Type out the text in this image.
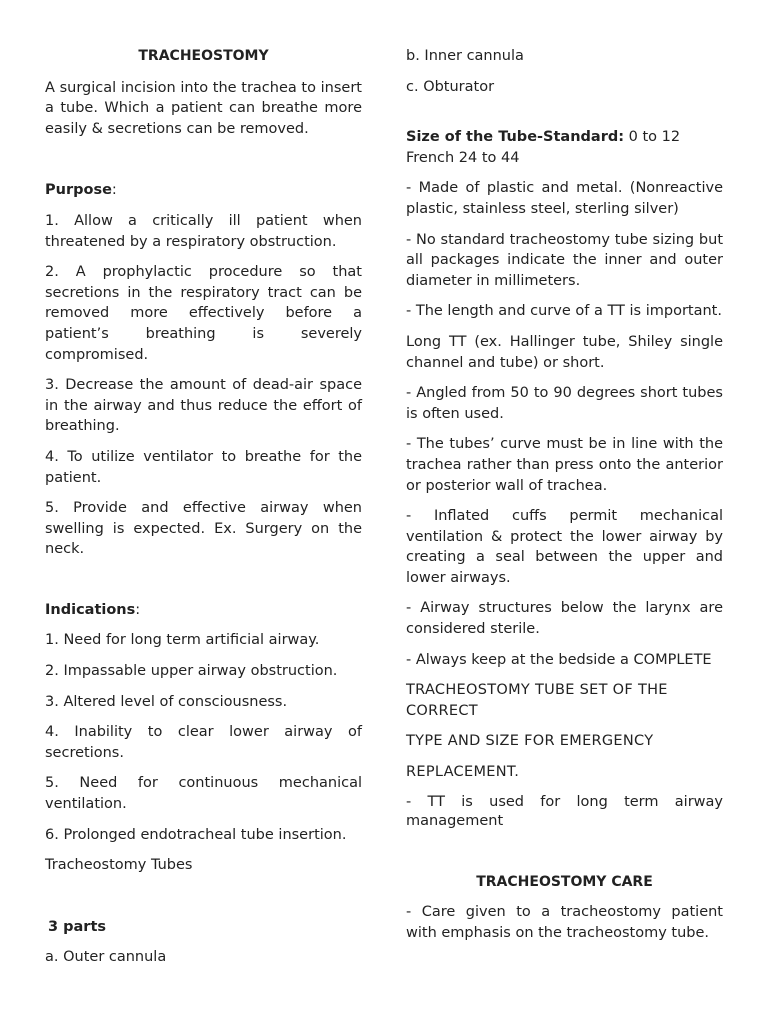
TRACHEOSTOMY

A surgical incision into the trachea to insert a tube. Which a patient can breathe more easily & secretions can be removed.

Purpose:

1. Allow a critically ill patient when threatened by a respiratory obstruction.

2. A prophylactic procedure so that secretions in the respiratory tract can be removed more effectively before a patient’s breathing is severely compromised.

3. Decrease the amount of dead-air space in the airway and thus reduce the effort of breathing.

4. To utilize ventilator to breathe for the patient.

5. Provide and effective airway when swelling is expected. Ex. Surgery on the neck.

Indications:

1. Need for long term artificial airway.

2. Impassable upper airway obstruction.

3. Altered level of consciousness.

4. Inability to clear lower airway of secretions.

5. Need for continuous mechanical ventilation.

6. Prolonged endotracheal tube insertion.

Tracheostomy Tubes

3 parts

a. Outer cannula

b. Inner cannula

c. Obturator

Size of the Tube-Standard: 0 to 12 French 24 to 44

- Made of plastic and metal. (Nonreactive plastic, stainless steel, sterling silver)

- No standard tracheostomy tube sizing but all packages indicate the inner and outer diameter in millimeters.

- The length and curve of a TT is important.

Long TT (ex. Hallinger tube, Shiley single channel and tube) or short.

- Angled from 50 to 90 degrees short tubes is often used.

- The tubes’ curve must be in line with the trachea rather than press onto the anterior or posterior wall of trachea.

- Inflated cuffs permit mechanical ventilation & protect the lower airway by creating a seal between the upper and lower airways.

- Airway structures below the larynx are considered sterile.

- Always keep at the bedside a COMPLETE

TRACHEOSTOMY TUBE SET OF THE CORRECT

TYPE AND SIZE FOR EMERGENCY

REPLACEMENT.

- TT is used for long term airway management

TRACHEOSTOMY CARE

- Care given to a tracheostomy patient with emphasis on the tracheostomy tube.
